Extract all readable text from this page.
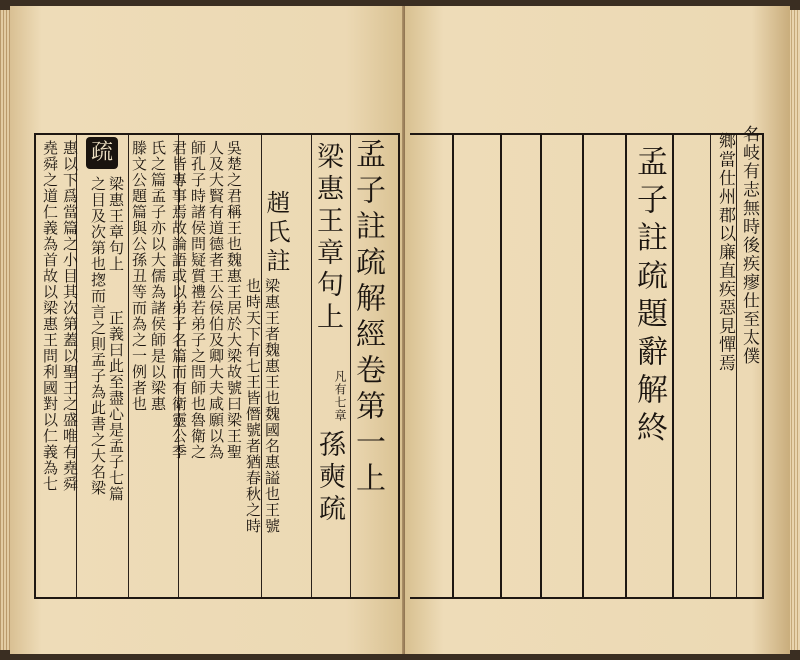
孟子註疏解經卷第一上
梁惠王章句上
凡有七章
孫奭疏
趙氏註
梁惠王者魏惠王也魏國名惠謚也王號
也時天下有七王皆僭號者猶春秋之時
吳楚之君稱王也魏惠王居於大梁故號曰梁王聖
人及大賢有道德者王公侯伯及卿大夫咸願以為
師孔子時諸侯問疑質禮若弟子之問師也魯衛之
君皆專事焉故論語或以弟子名篇而有衛靈公季
氏之篇孟子亦以大儒為諸侯師是以梁惠
滕文公題篇與公孫丑等而為之一例者也
疏
梁惠王章句上
正義曰此至盡心是孟子七篇
之目及次第也揔而言之則孟子為此書之大名梁
惠以下爲當篇之小目其次第蓋以聖王之盛唯有堯舜
堯舜之道仁義為首故以梁惠王問利國對以仁義為七	孟子註疏題辭解終	名岐有志無時後疾瘳仕至太僕
鄉當仕州郡以廉直疾惡見憚焉
